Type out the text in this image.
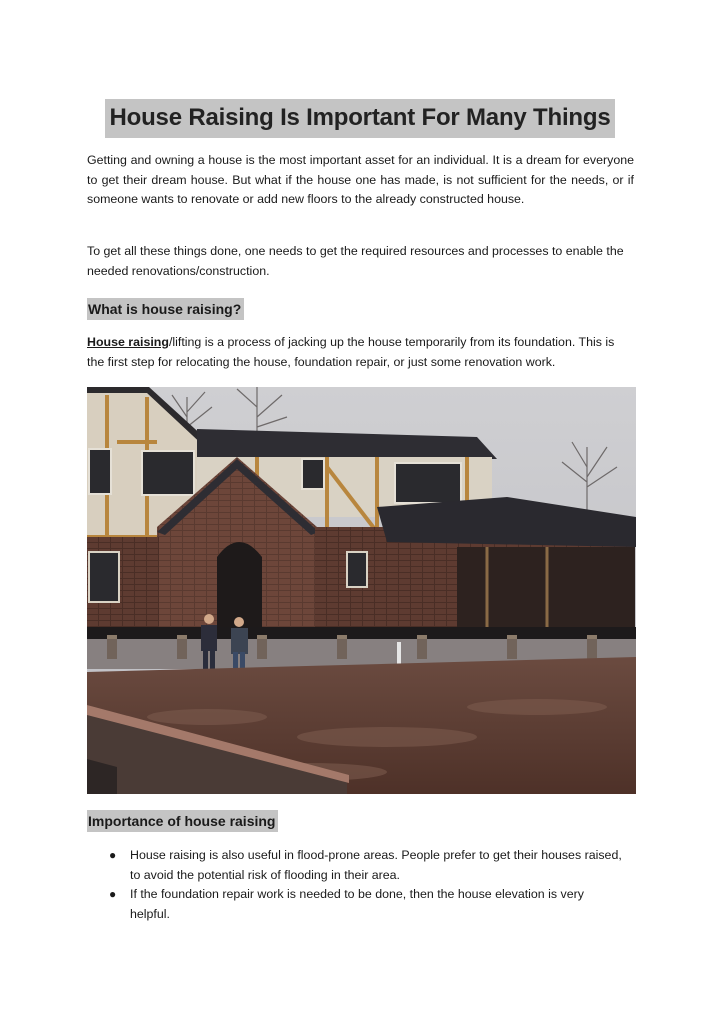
House Raising Is Important For Many Things

Getting and owning a house is the most important asset for an individual. It is a dream for everyone to get their dream house. But what if the house one has made, is not sufficient for the needs, or if someone wants to renovate or add new floors to the already constructed house.

To get all these things done, one needs to get the required resources and processes to enable the needed renovations/construction.

What is house raising?

House raising/lifting is a process of jacking up the house temporarily from its foundation. This is the first step for relocating the house, foundation repair, or just some renovation work.

Importance of house raising
● House raising is also useful in flood-prone areas. People prefer to get their houses raised, to avoid the potential risk of flooding in their area.
● If the foundation repair work is needed to be done, then the house elevation is very helpful.
